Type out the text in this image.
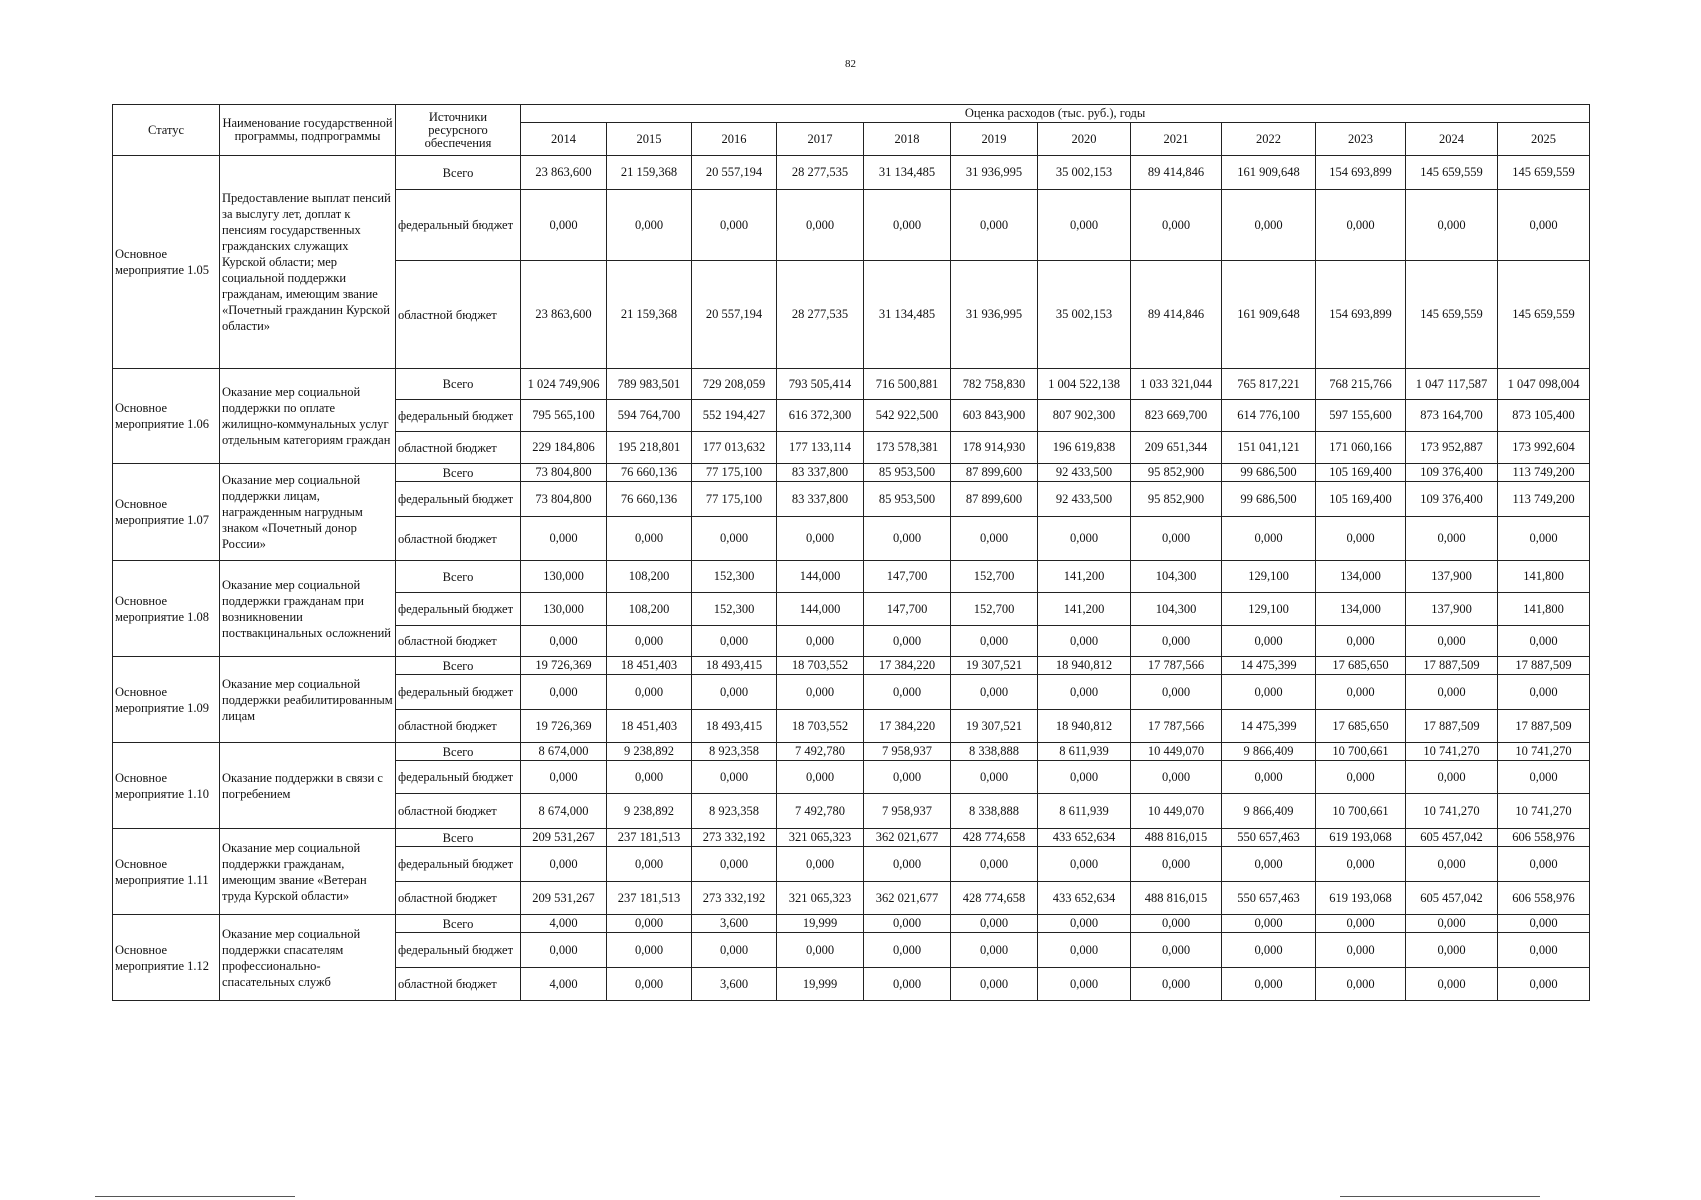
82
Статус	Наименование государственной программы, подпрограммы	Источники ресурсного обеспечения	Оценка расходов (тыс. руб.), годы											
			2014	2015	2016	2017	2018	2019	2020	2021	2022	2023	2024	2025
Основное мероприятие 1.05	Предоставление выплат пенсий за выслугу лет, доплат к пенсиям государственных гражданских служащих Курской области; мер социальной поддержки гражданам, имеющим звание «Почетный гражданин Курской области»	Всего	23 863,600	21 159,368	20 557,194	28 277,535	31 134,485	31 936,995	35 002,153	89 414,846	161 909,648	154 693,899	145 659,559	145 659,559
		федеральный бюджет	0,000	0,000	0,000	0,000	0,000	0,000	0,000	0,000	0,000	0,000	0,000	0,000
		областной бюджет	23 863,600	21 159,368	20 557,194	28 277,535	31 134,485	31 936,995	35 002,153	89 414,846	161 909,648	154 693,899	145 659,559	145 659,559
Основное мероприятие 1.06	Оказание мер социальной поддержки по оплате жилищно-коммунальных услуг отдельным категориям граждан	Всего	1 024 749,906	789 983,501	729 208,059	793 505,414	716 500,881	782 758,830	1 004 522,138	1 033 321,044	765 817,221	768 215,766	1 047 117,587	1 047 098,004
		федеральный бюджет	795 565,100	594 764,700	552 194,427	616 372,300	542 922,500	603 843,900	807 902,300	823 669,700	614 776,100	597 155,600	873 164,700	873 105,400
		областной бюджет	229 184,806	195 218,801	177 013,632	177 133,114	173 578,381	178 914,930	196 619,838	209 651,344	151 041,121	171 060,166	173 952,887	173 992,604
Основное мероприятие 1.07	Оказание мер социальной поддержки лицам, награжденным нагрудным знаком «Почетный донор России»	Всего	73 804,800	76 660,136	77 175,100	83 337,800	85 953,500	87 899,600	92 433,500	95 852,900	99 686,500	105 169,400	109 376,400	113 749,200
		федеральный бюджет	73 804,800	76 660,136	77 175,100	83 337,800	85 953,500	87 899,600	92 433,500	95 852,900	99 686,500	105 169,400	109 376,400	113 749,200
		областной бюджет	0,000	0,000	0,000	0,000	0,000	0,000	0,000	0,000	0,000	0,000	0,000	0,000
Основное мероприятие 1.08	Оказание мер социальной поддержки гражданам при возникновении поствакцинальных осложнений	Всего	130,000	108,200	152,300	144,000	147,700	152,700	141,200	104,300	129,100	134,000	137,900	141,800
		федеральный бюджет	130,000	108,200	152,300	144,000	147,700	152,700	141,200	104,300	129,100	134,000	137,900	141,800
		областной бюджет	0,000	0,000	0,000	0,000	0,000	0,000	0,000	0,000	0,000	0,000	0,000	0,000
Основное мероприятие 1.09	Оказание мер социальной поддержки реабилитированным лицам	Всего	19 726,369	18 451,403	18 493,415	18 703,552	17 384,220	19 307,521	18 940,812	17 787,566	14 475,399	17 685,650	17 887,509	17 887,509
		федеральный бюджет	0,000	0,000	0,000	0,000	0,000	0,000	0,000	0,000	0,000	0,000	0,000	0,000
		областной бюджет	19 726,369	18 451,403	18 493,415	18 703,552	17 384,220	19 307,521	18 940,812	17 787,566	14 475,399	17 685,650	17 887,509	17 887,509
Основное мероприятие 1.10	Оказание поддержки в связи с погребением	Всего	8 674,000	9 238,892	8 923,358	7 492,780	7 958,937	8 338,888	8 611,939	10 449,070	9 866,409	10 700,661	10 741,270	10 741,270
		федеральный бюджет	0,000	0,000	0,000	0,000	0,000	0,000	0,000	0,000	0,000	0,000	0,000	0,000
		областной бюджет	8 674,000	9 238,892	8 923,358	7 492,780	7 958,937	8 338,888	8 611,939	10 449,070	9 866,409	10 700,661	10 741,270	10 741,270
Основное мероприятие 1.11	Оказание мер социальной поддержки гражданам, имеющим звание «Ветеран труда Курской области»	Всего	209 531,267	237 181,513	273 332,192	321 065,323	362 021,677	428 774,658	433 652,634	488 816,015	550 657,463	619 193,068	605 457,042	606 558,976
		федеральный бюджет	0,000	0,000	0,000	0,000	0,000	0,000	0,000	0,000	0,000	0,000	0,000	0,000
		областной бюджет	209 531,267	237 181,513	273 332,192	321 065,323	362 021,677	428 774,658	433 652,634	488 816,015	550 657,463	619 193,068	605 457,042	606 558,976
Основное мероприятие 1.12	Оказание мер социальной поддержки спасателям профессионально-спасательных служб	Всего	4,000	0,000	3,600	19,999	0,000	0,000	0,000	0,000	0,000	0,000	0,000	0,000
		федеральный бюджет	0,000	0,000	0,000	0,000	0,000	0,000	0,000	0,000	0,000	0,000	0,000	0,000
		областной бюджет	4,000	0,000	3,600	19,999	0,000	0,000	0,000	0,000	0,000	0,000	0,000	0,000
